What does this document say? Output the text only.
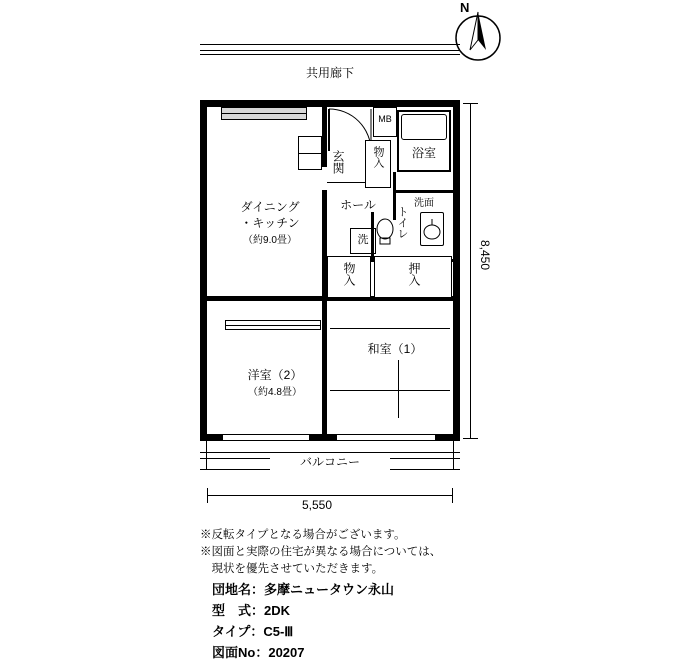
N
共用廊下
ダイニング
・キッチン
（約9.0畳）
玄関
ホール
MB
物入	浴室
洗面
トイレ
洗
物入	押入
和室（1）
洋室（2）
（約4.8畳）
バルコニー
8,450
5,550
※反転タイプとなる場合がございます。
※図面と実際の住宅が異なる場合については、
　現状を優先させていただきます。
団地名：多摩ニュータウン永山
型　式：2DK
タイプ：C5-Ⅲ
図面No：20207
